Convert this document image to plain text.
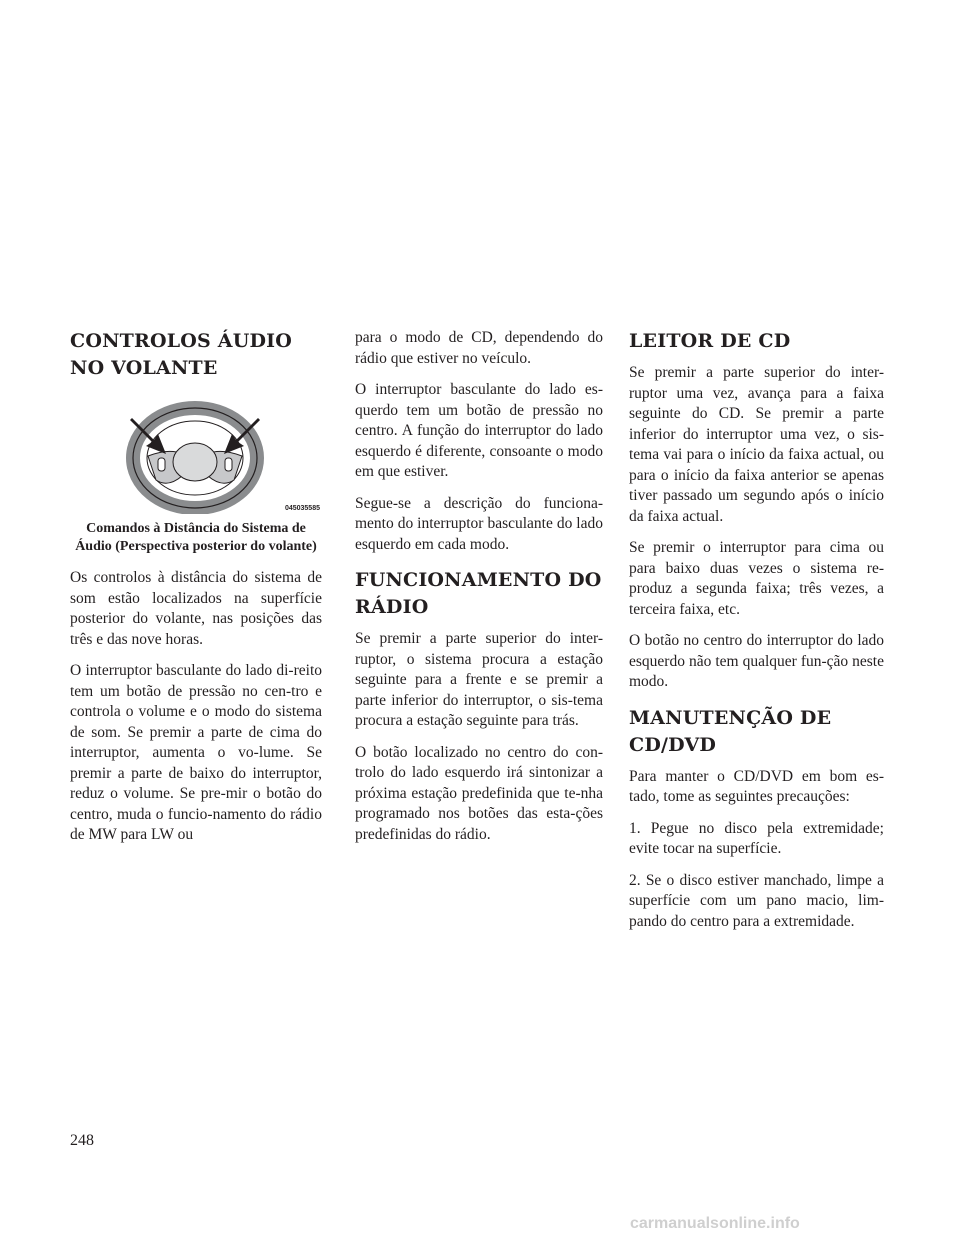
CONTROLOS ÁUDIO NO VOLANTE
045035585
Comandos à Distância do Sistema de Áudio (Perspectiva posterior do volante)

Os controlos à distância do sistema de som estão localizados na superfície posterior do volante, nas posições das três e das nove horas.

O interruptor basculante do lado di-reito tem um botão de pressão no cen-tro e controla o volume e o modo do sistema de som. Se premir a parte de cima do interruptor, aumenta o vo-lume. Se premir a parte de baixo do interruptor, reduz o volume. Se pre-mir o botão do centro, muda o funcio-namento do rádio de MW para LW ou

para o modo de CD, dependendo do rádio que estiver no veículo.

O interruptor basculante do lado es-querdo tem um botão de pressão no centro. A função do interruptor do lado esquerdo é diferente, consoante o modo em que estiver.

Segue-se a descrição do funciona-mento do interruptor basculante do lado esquerdo em cada modo.

FUNCIONAMENTO DO RÁDIO

Se premir a parte superior do inter-ruptor, o sistema procura a estação seguinte para a frente e se premir a parte inferior do interruptor, o sis-tema procura a estação seguinte para trás.

O botão localizado no centro do con-trolo do lado esquerdo irá sintonizar a próxima estação predefinida que te-nha programado nos botões das esta-ções predefinidas do rádio.

LEITOR DE CD

Se premir a parte superior do inter-ruptor uma vez, avança para a faixa seguinte do CD. Se premir a parte inferior do interruptor uma vez, o sis-tema vai para o início da faixa actual, ou para o início da faixa anterior se apenas tiver passado um segundo após o início da faixa actual.

Se premir o interruptor para cima ou para baixo duas vezes o sistema re-produz a segunda faixa; três vezes, a terceira faixa, etc.

O botão no centro do interruptor do lado esquerdo não tem qualquer fun-ção neste modo.

MANUTENÇÃO DE CD/DVD

Para manter o CD/DVD em bom es-tado, tome as seguintes precauções:

1. Pegue no disco pela extremidade; evite tocar na superfície.

2. Se o disco estiver manchado, limpe a superfície com um pano macio, lim-pando do centro para a extremidade.

248
carmanualsonline.info
